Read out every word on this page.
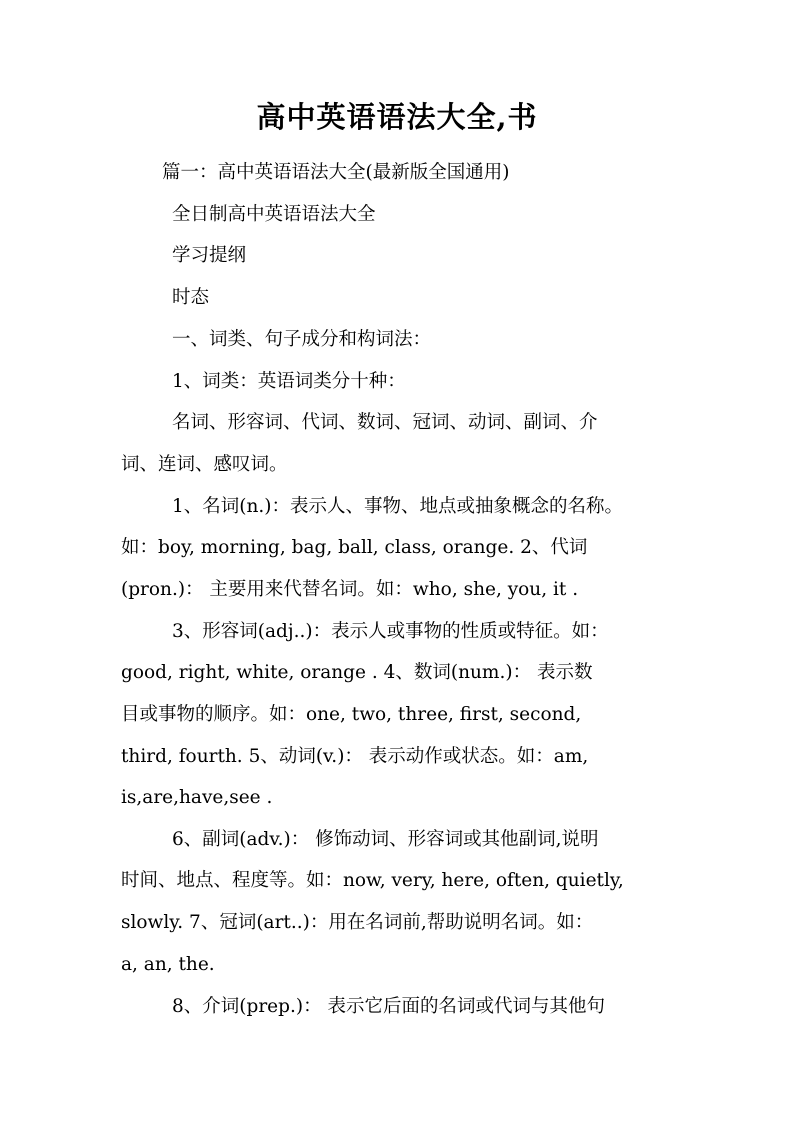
高中英语语法大全,书
篇一：高中英语语法大全(最新版全国通用)
全日制高中英语语法大全
学习提纲
时态
一、词类、句子成分和构词法：
1、词类：英语词类分十种：
名词、形容词、代词、数词、冠词、动词、副词、介
词、连词、感叹词。
1、名词(n.)：表示人、事物、地点或抽象概念的名称。
如：boy, morning, bag, ball, class, orange. 2、代词
(pron.)： 主要用来代替名词。如：who, she, you, it .
3、形容词(adj..)：表示人或事物的性质或特征。如：
good, right, white, orange . 4、数词(num.)： 表示数
目或事物的顺序。如：one, two, three, first, second,
third, fourth. 5、动词(v.)： 表示动作或状态。如：am,
is,are,have,see .
6、副词(adv.)： 修饰动词、形容词或其他副词,说明
时间、地点、程度等。如：now, very, here, often, quietly,
slowly. 7、冠词(art..)：用在名词前,帮助说明名词。如：
a, an, the.
8、介词(prep.)： 表示它后面的名词或代词与其他句
